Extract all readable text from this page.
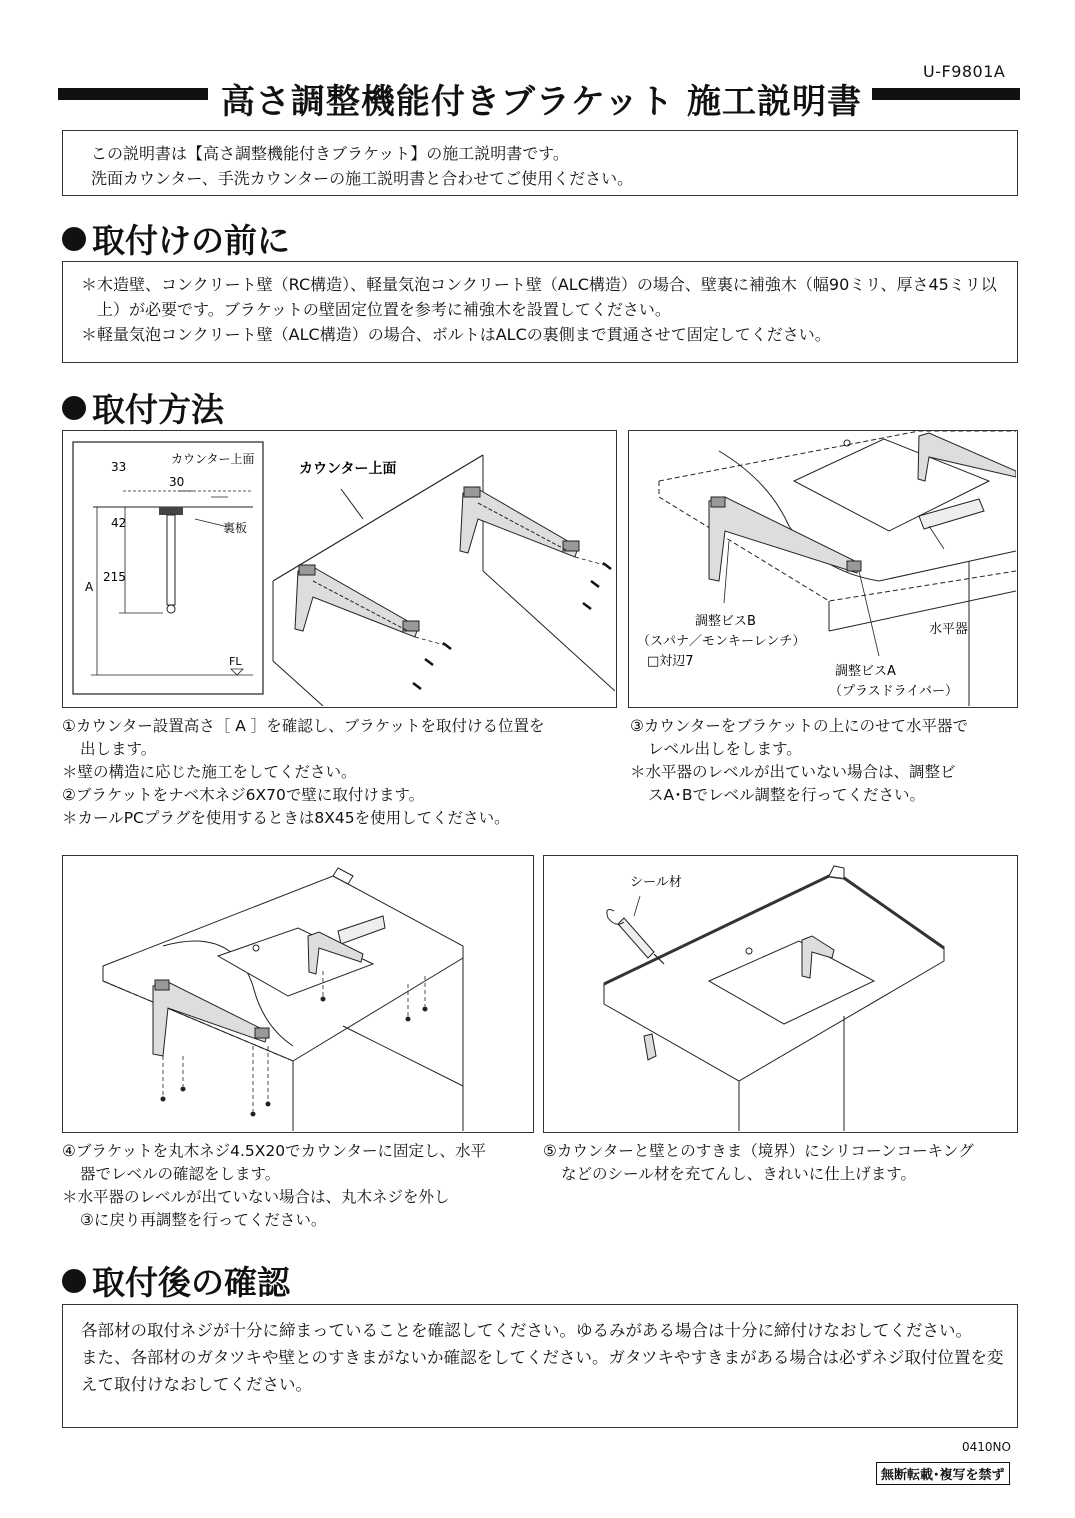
U-F9801A
高さ調整機能付きブラケット 施工説明書
この説明書は【高さ調整機能付きブラケット】の施工説明書です。
洗面カウンター、手洗カウンターの施工説明書と合わせてご使用ください。
取付けの前に
＊木造壁、コンクリート壁（RC構造）、軽量気泡コンクリート壁（ALC構造）の場合、壁裏に補強木（幅90ミリ、厚さ45ミリ以上）が必要です。ブラケットの壁固定位置を参考に補強木を設置してください。
＊軽量気泡コンクリート壁（ALC構造）の場合、ボルトはALCの裏側まで貫通させて固定してください。
取付方法
33
30
42
215
A
カウンター上面
裏板
FL
カウンター上面
調整ビスB
（スパナ／モンキーレンチ）
□対辺7
水平器
調整ビスA
（プラスドライバー）
①カウンター設置高さ［ A ］を確認し、ブラケットを取付ける位置を
出します。
＊壁の構造に応じた施工をしてください。
②ブラケットをナベ木ネジ6X70で壁に取付けます。
＊カールPCプラグを使用するときは8X45を使用してください。
③カウンターをブラケットの上にのせて水平器で
レベル出しをします。
＊水平器のレベルが出ていない場合は、調整ビ
スA･Bでレベル調整を行ってください。
シール材
④ブラケットを丸木ネジ4.5X20でカウンターに固定し、水平
器でレベルの確認をします。
＊水平器のレベルが出ていない場合は、丸木ネジを外し
③に戻り再調整を行ってください。
⑤カウンターと壁とのすきま（境界）にシリコーンコーキング
などのシール材を充てんし、きれいに仕上げます。
取付後の確認
各部材の取付ネジが十分に締まっていることを確認してください。ゆるみがある場合は十分に締付けなおしてください。
また、各部材のガタツキや壁とのすきまがないか確認をしてください。ガタツキやすきまがある場合は必ずネジ取付位置を変えて取付けなおしてください。
0410NO
無断転載･複写を禁ず
